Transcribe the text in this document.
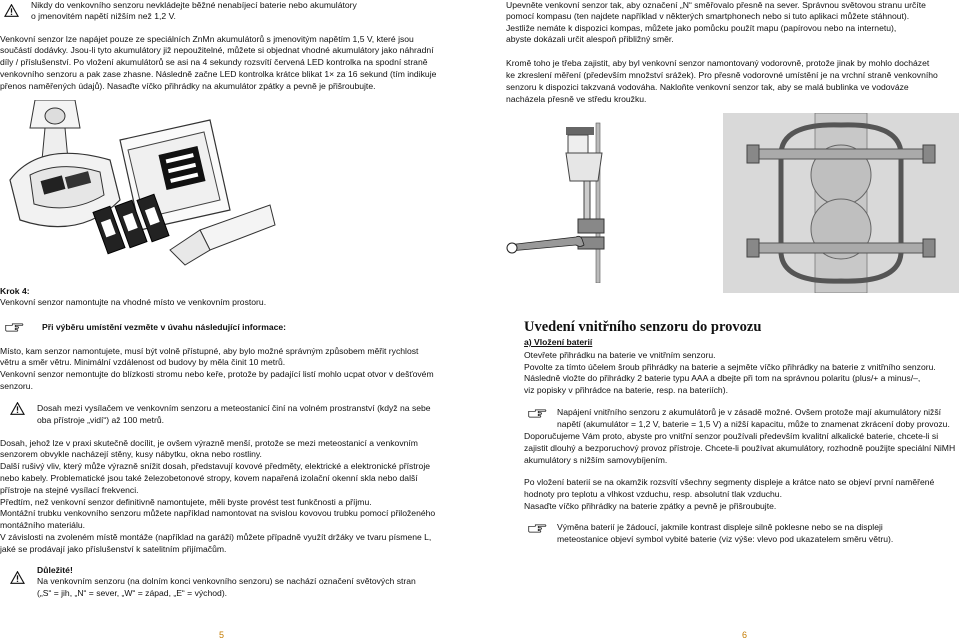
Nikdy do venkovního senzoru nevkládejte běžné nenabíjecí baterie nebo akumulátory
o jmenovitém napětí nižším než 1,2 V.
Venkovní senzor lze napájet pouze ze speciálních ZnMn akumulátorů s jmenovitým napětím 1,5 V, které jsou
součástí dodávky. Jsou-li tyto akumulátory již nepoužitelné, můžete si objednat vhodné akumulátory jako náhradní
díly / příslušenství. Po vložení akumulátorů se asi na 4 sekundy rozsvítí červená LED kontrolka na spodní straně
venkovního senzoru a pak zase zhasne. Následně začne LED kontrolka krátce blikat 1× za 16 sekund (tím indikuje
přenos naměřených údajů). Nasaďte víčko přihrádky na akumulátor zpátky a pevně je přišroubujte.
Krok 4:
Venkovní senzor namontujte na vhodné místo ve venkovním prostoru.
Při výběru umístění vezměte v úvahu následující informace:
Místo, kam senzor namontujete, musí být volně přístupné, aby bylo možné správným způsobem měřit rychlost
větru a směr větru. Minimální vzdálenost od budovy by měla činit 10 metrů.
Venkovní senzor nemontujte do blízkosti stromu nebo keře, protože by padající listí mohlo ucpat otvor v dešťovém
senzoru.
Dosah mezi vysílačem ve venkovním senzoru a meteostanicí činí na volném prostranství (když na sebe
oba přístroje „vidí“) až 100 metrů.
Dosah, jehož lze v praxi skutečně docílit, je ovšem výrazně menší, protože se mezi meteostanicí a venkovním
senzorem obvykle nacházejí stěny, kusy nábytku, okna nebo rostliny.
Další rušivý vliv, který může výrazně snížit dosah, představují kovové předměty, elektrické a elektronické přístroje
nebo kabely. Problematické jsou také železobetonové stropy, kovem napařená izolační okenní skla nebo další
přístroje na stejné vysílací frekvenci.
Předtím, než venkovní senzor definitivně namontujete, měli byste provést test funkčnosti a příjmu.
Montážní trubku venkovního senzoru můžete například namontovat na svislou kovovou trubku pomocí přiloženého
montážního materiálu.
V závislosti na zvoleném místě montáže (například na garáži) můžete případně využít držáky ve tvaru písmene L,
jaké se prodávají jako příslušenství k satelitním přijímačům.
Důležité!
Na venkovním senzoru (na dolním konci venkovního senzoru) se nachází označení světových stran
(„S“ = jih, „N“ = sever, „W“ = západ, „E“ = východ).
5
Upevněte venkovní senzor tak, aby označení „N“ směřovalo přesně na sever. Správnou světovou stranu určíte
pomocí kompasu (ten najdete například v některých smartphonech nebo si tuto aplikaci můžete stáhnout).
Jestliže nemáte k dispozici kompas, můžete jako pomůcku použít mapu (papírovou nebo na internetu),
abyste dokázali určit alespoň přibližný směr.
Kromě toho je třeba zajistit, aby byl venkovní senzor namontovaný vodorovně, protože jinak by mohlo docházet
ke zkreslení měření (především množství srážek). Pro přesně vodorovné umístění je na vrchní straně venkovního
senzoru k dispozici takzvaná vodováha. Nakloňte venkovní senzor tak, aby se malá bublinka ve vodováze
nacházela přesně ve středu kroužku.
Uvedení vnitřního senzoru do provozu
a) Vložení baterií
Otevřete přihrádku na baterie ve vnitřním senzoru.
Povolte za tímto účelem šroub přihrádky na baterie a sejměte víčko přihrádky na baterie z vnitřního senzoru.
Následně vložte do přihrádky 2 baterie typu AAA a dbejte při tom na správnou polaritu (plus/+ a minus/–,
viz popisky v přihrádce na baterie, resp. na bateriích).
Napájení vnitřního senzoru z akumulátorů je v zásadě možné. Ovšem protože mají akumulátory nižší
napětí (akumulátor = 1,2 V, baterie = 1,5 V) a nižší kapacitu, může to znamenat zkrácení doby provozu.
Doporučujeme Vám proto, abyste pro vnitřní senzor používali především kvalitní alkalické baterie, chcete-li si
zajistit dlouhý a bezporuchový provoz přístroje. Chcete-li používat akumulátory, rozhodně použijte speciální NiMH
akumulátory s nižším samovybíjením.
Po vložení baterií se na okamžik rozsvítí všechny segmenty displeje a krátce nato se objeví první naměřené
hodnoty pro teplotu a vlhkost vzduchu, resp. absolutní tlak vzduchu.
Nasaďte víčko přihrádky na baterie zpátky a pevně je přišroubujte.
Výměna baterií je žádoucí, jakmile kontrast displeje silně poklesne nebo se na displeji
meteostanice objeví symbol vybité baterie (viz výše: vlevo pod ukazatelem směru větru).
6
